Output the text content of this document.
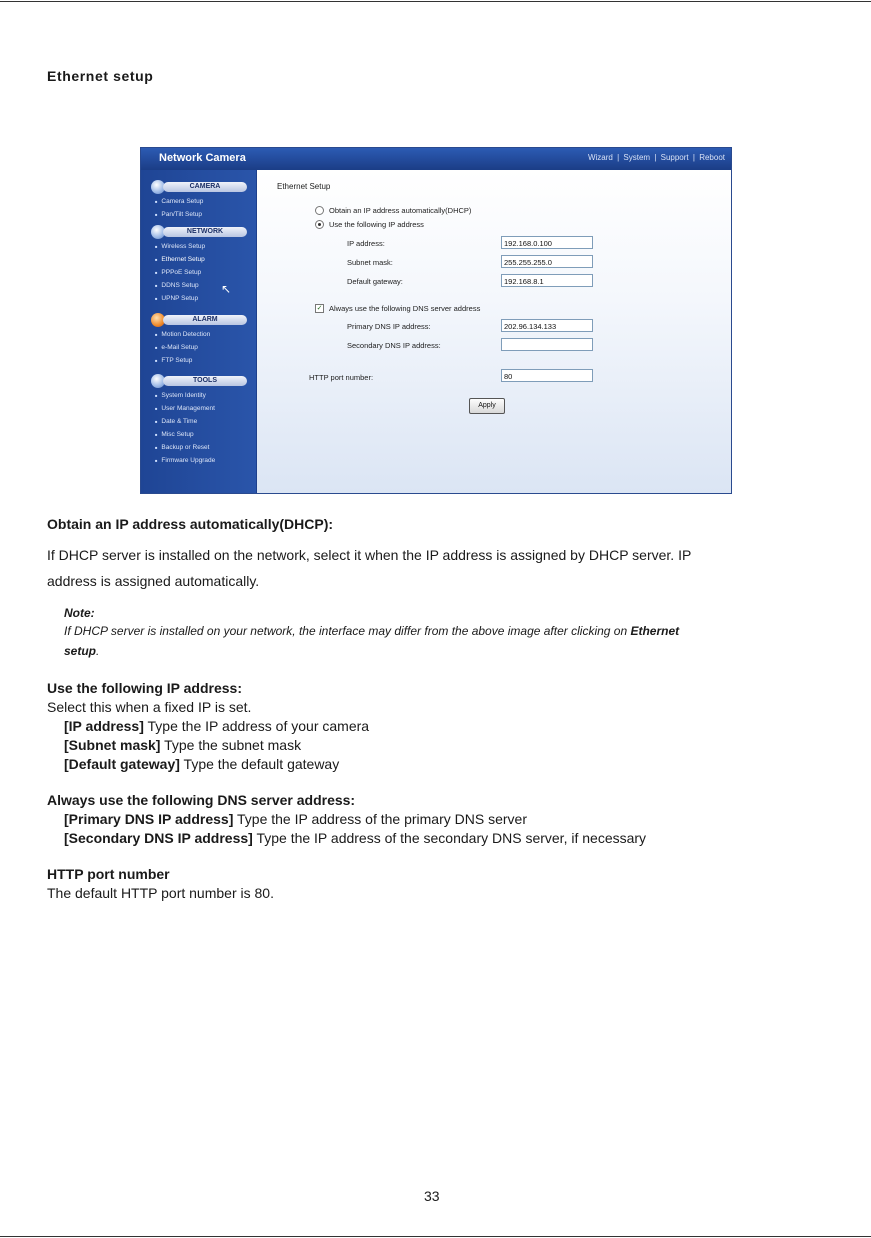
Ethernet setup
Network Camera	Wizard | System | Support | Reboot
CAMERA
■ Camera Setup
■ Pan/Tilt Setup
NETWORK
■ Wireless Setup
■ Ethernet Setup
■ PPPoE Setup
■ DDNS Setup
■ UPNP Setup
ALARM
■ Motion Detection
■ e-Mail Setup
■ FTP Setup
TOOLS
■ System Identity
■ User Management
■ Date & Time
■ Misc Setup
■ Backup or Reset
■ Firmware Upgrade
↖
Ethernet Setup
Obtain an IP address automatically(DHCP)
Use the following IP address
IP address:	192.168.0.100
Subnet mask:	255.255.255.0
Default gateway:	192.168.8.1
✓ Always use the following DNS server address
Primary DNS IP address:	202.96.134.133
Secondary DNS IP address:
HTTP port number:	80
Apply
Obtain an IP address automatically(DHCP):
If DHCP server is installed on the network, select it when the IP address is assigned by DHCP server. IP
address is assigned automatically.
Note:
If DHCP server is installed on your network, the interface may differ from the above image after clicking on Ethernet
setup.
Use the following IP address:
Select this when a fixed IP is set.
[IP address] Type the IP address of your camera
[Subnet mask] Type the subnet mask
[Default gateway] Type the default gateway
Always use the following DNS server address:
[Primary DNS IP address] Type the IP address of the primary DNS server
[Secondary DNS IP address] Type the IP address of the secondary DNS server, if necessary
HTTP port number
The default HTTP port number is 80.
33
